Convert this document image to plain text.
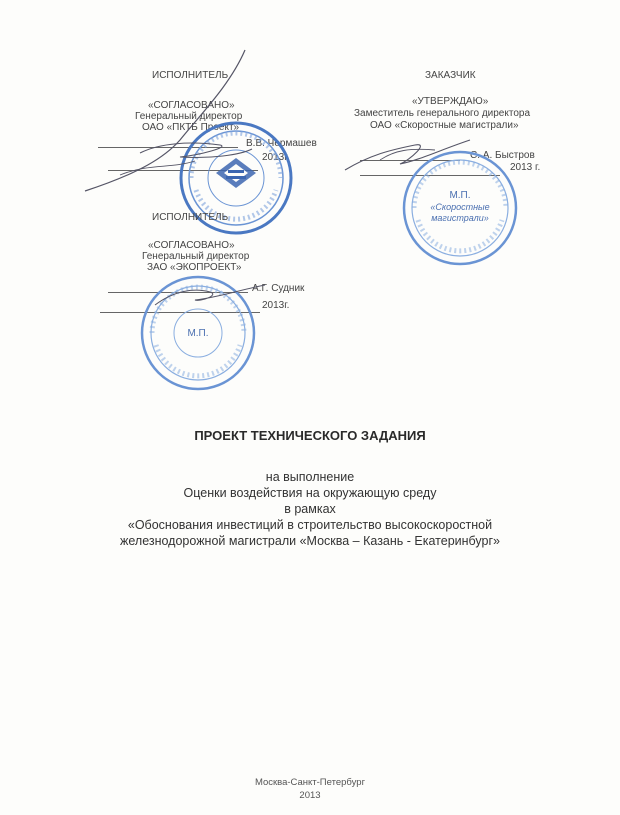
ИСПОЛНИТЕЛЬ
«СОГЛАСОВАНО»
Генеральный директор
ОАО «ПКТБ Проект»
В.В. Чермашев
2013г.
ЗАКАЗЧИК
«УТВЕРЖДАЮ»
Заместитель генерального директора
ОАО «Скоростные магистрали»
С. А. Быстров
2013 г.
М.П.
«Скоростные магистрали»
ИСПОЛНИТЕЛЬ
«СОГЛАСОВАНО»
Генеральный директор
ЗАО «ЭКОПРОЕКТ»
А.Г. Судник
2013г.
М.П.
ПРОЕКТ ТЕХНИЧЕСКОГО ЗАДАНИЯ
на выполнение
Оценки воздействия на окружающую среду
в рамках
«Обоснования инвестиций в строительство высокоскоростной
железнодорожной магистрали «Москва – Казань - Екатеринбург»
Москва-Санкт-Петербург
2013
